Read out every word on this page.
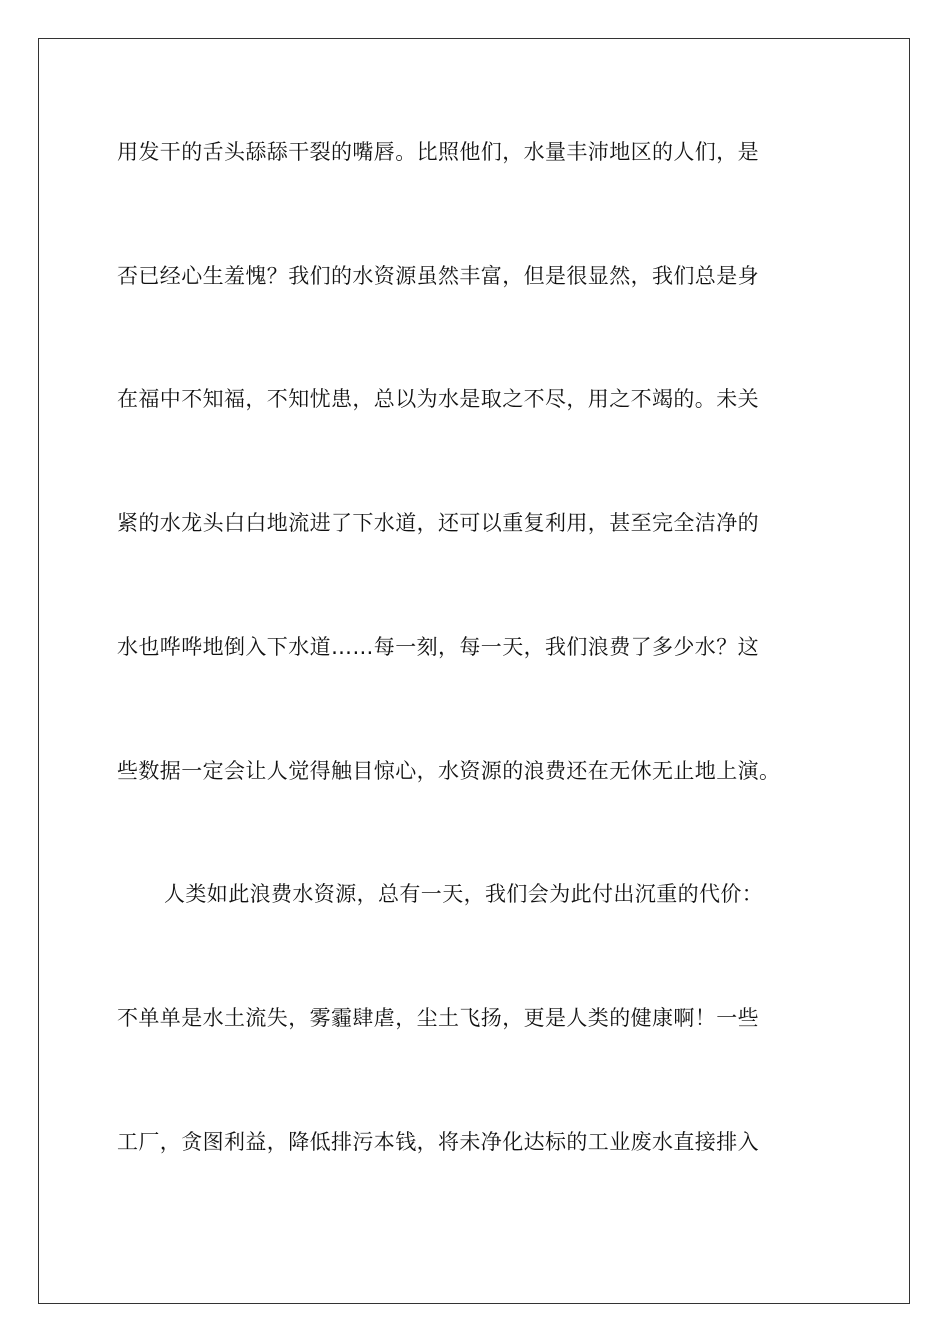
用发干的舌头舔舔干裂的嘴唇。比照他们，水量丰沛地区的人们，是
否已经心生羞愧？我们的水资源虽然丰富，但是很显然，我们总是身
在福中不知福，不知忧患，总以为水是取之不尽，用之不竭的。未关
紧的水龙头白白地流进了下水道，还可以重复利用，甚至完全洁净的
水也哗哗地倒入下水道……每一刻，每一天，我们浪费了多少水？这
些数据一定会让人觉得触目惊心，水资源的浪费还在无休无止地上演。
人类如此浪费水资源，总有一天，我们会为此付出沉重的代价：
不单单是水土流失，雾霾肆虐，尘土飞扬，更是人类的健康啊！一些
工厂，贪图利益，降低排污本钱，将未净化达标的工业废水直接排入
